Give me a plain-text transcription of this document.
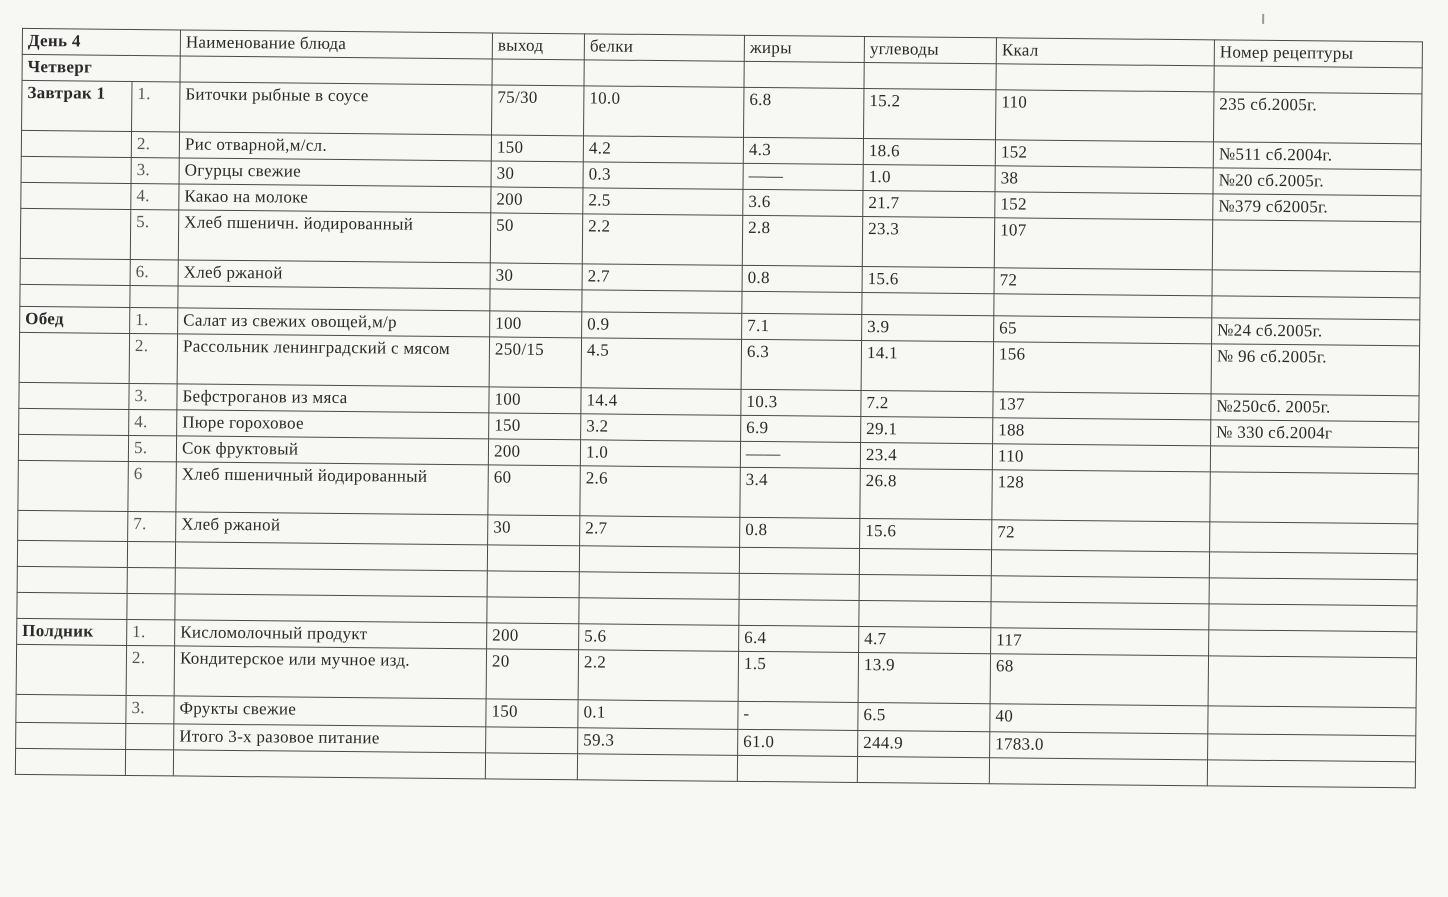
День 4		Наименование блюда	выход	белки	жиры	углеводы	Ккал	Номер рецептуры
Четверг								
Завтрак 1	1.	Биточки рыбные в соусе	75/30	10.0	6.8	15.2	110	235 сб.2005г.
	2.	Рис отварной,м/сл.	150	4.2	4.3	18.6	152	№511 сб.2004г.
	3.	Огурцы свежие	30	0.3	——	1.0	38	№20 сб.2005г.
	4.	Какао на молоке	200	2.5	3.6	21.7	152	№379 сб2005г.
	5.	Хлеб пшеничн. йодированный	50	2.2	2.8	23.3	107	
	6.	Хлеб ржаной	30	2.7	0.8	15.6	72	

Обед	1.	Салат из свежих овощей,м/р	100	0.9	7.1	3.9	65	№24 сб.2005г.
	2.	Рассольник ленинградский с мясом	250/15	4.5	6.3	14.1	156	№ 96 сб.2005г.
	3.	Бефстроганов из мяса	100	14.4	10.3	7.2	137	№250сб. 2005г.
	4.	Пюре гороховое	150	3.2	6.9	29.1	188	№ 330 сб.2004г
	5.	Сок фруктовый	200	1.0	——	23.4	110	
	6	Хлеб пшеничный йодированный	60	2.6	3.4	26.8	128	
	7.	Хлеб ржаной	30	2.7	0.8	15.6	72	

Полдник	1.	Кисломолочный продукт	200	5.6	6.4	4.7	117	
	2.	Кондитерское или мучное изд.	20	2.2	1.5	13.9	68	
	3.	Фрукты свежие	150	0.1	-	6.5	40	
		Итого 3-х разовое питание		59.3	61.0	244.9	1783.0	
